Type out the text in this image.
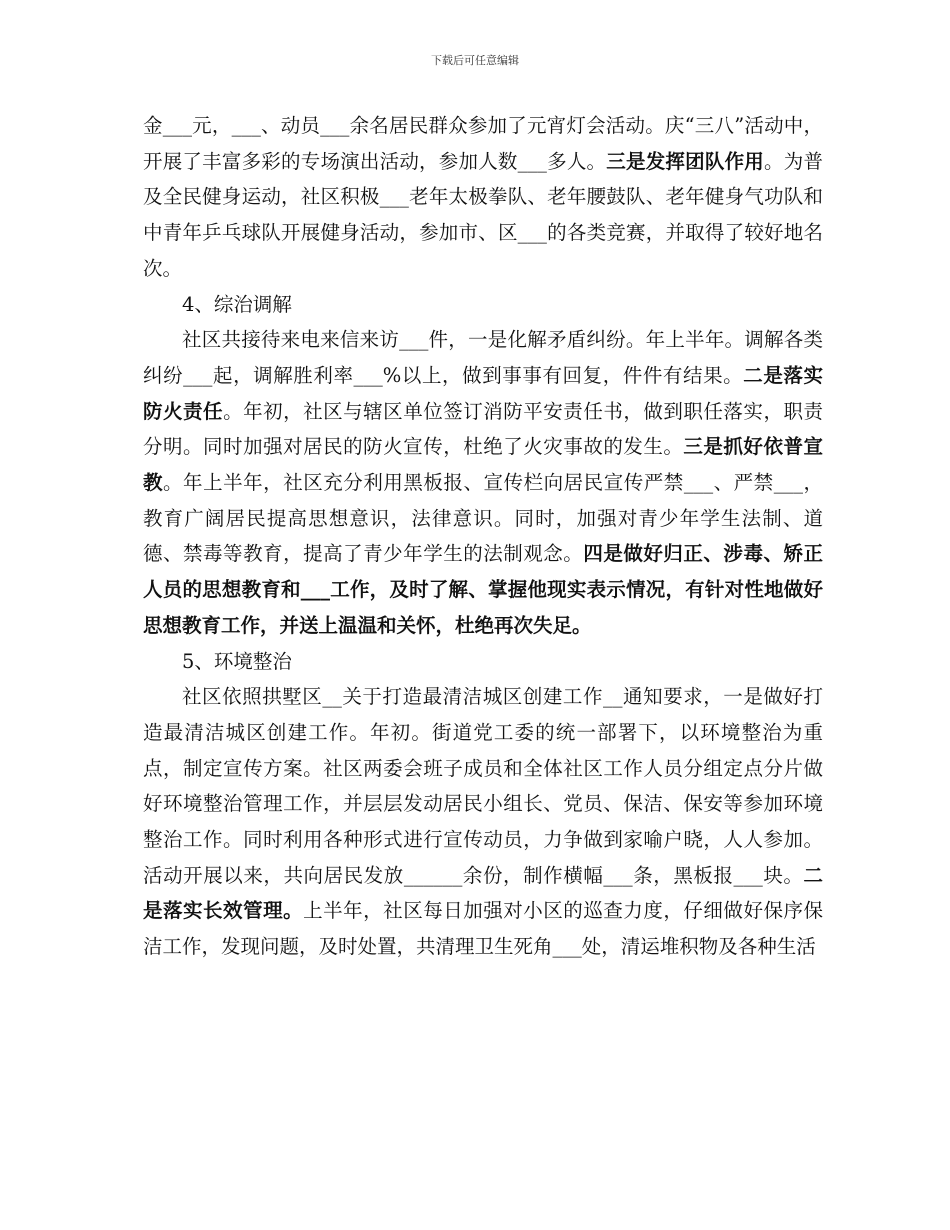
下载后可任意编辑

金___元，___、动员___余名居民群众参加了元宵灯会活动。庆“三八”活动中，开展了丰富多彩的专场演出活动，参加人数___多人。三是发挥团队作用。为普及全民健身运动，社区积极___老年太极拳队、老年腰鼓队、老年健身气功队和中青年乒乓球队开展健身活动，参加市、区___的各类竞赛，并取得了较好地名次。

4、综治调解

社区共接待来电来信来访___件，一是化解矛盾纠纷。年上半年。调解各类纠纷___起，调解胜利率___%以上，做到事事有回复，件件有结果。二是落实防火责任。年初，社区与辖区单位签订消防平安责任书，做到职任落实，职责分明。同时加强对居民的防火宣传，杜绝了火灾事故的发生。三是抓好依普宣教。年上半年，社区充分利用黑板报、宣传栏向居民宣传严禁___、严禁___，教育广阔居民提高思想意识，法律意识。同时，加强对青少年学生法制、道德、禁毒等教育，提高了青少年学生的法制观念。四是做好归正、涉毒、矫正人员的思想教育和___工作，及时了解、掌握他现实表示情况，有针对性地做好思想教育工作，并送上温温和关怀，杜绝再次失足。

5、环境整治

社区依照拱墅区__关于打造最清洁城区创建工作__通知要求，一是做好打造最清洁城区创建工作。年初。街道党工委的统一部署下，以环境整治为重点，制定宣传方案。社区两委会班子成员和全体社区工作人员分组定点分片做好环境整治管理工作，并层层发动居民小组长、党员、保洁、保安等参加环境整治工作。同时利用各种形式进行宣传动员，力争做到家喻户晓，人人参加。活动开展以来，共向居民发放______余份，制作横幅___条，黑板报___块。二是落实长效管理。上半年，社区每日加强对小区的巡查力度，仔细做好保序保洁工作，发现问题，及时处置，共清理卫生死角___处，清运堆积物及各种生活
